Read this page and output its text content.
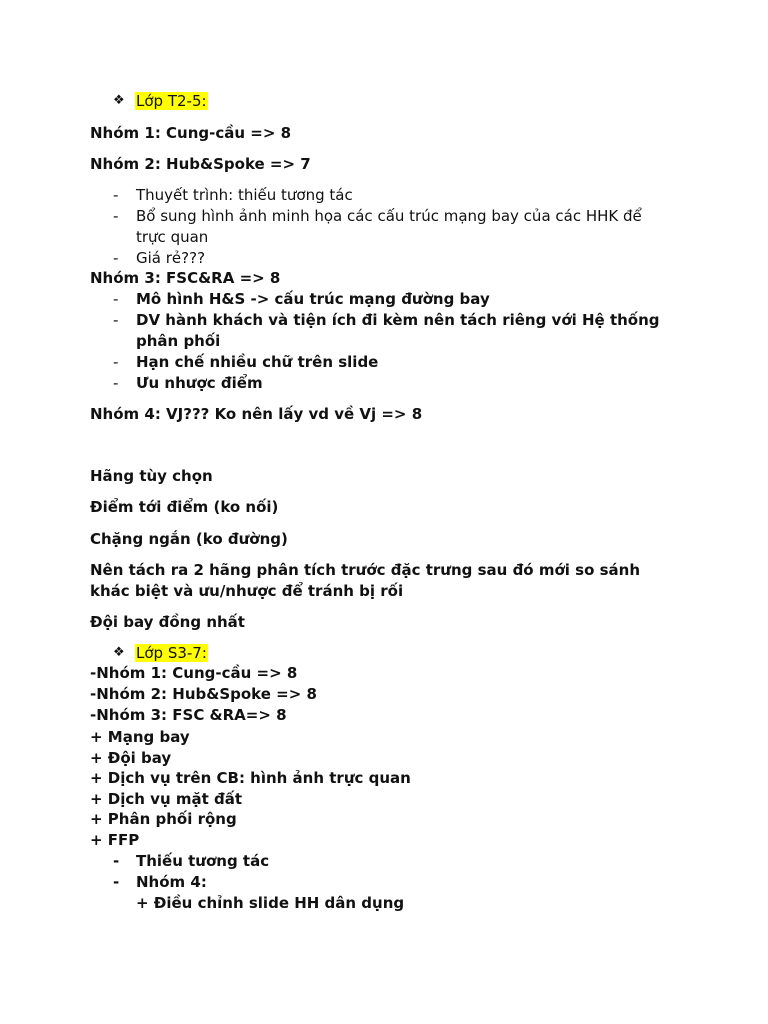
❖ Lớp T2-5:
Nhóm 1: Cung-cầu => 8
Nhóm 2: Hub&Spoke => 7
- Thuyết trình: thiếu tương tác
- Bổ sung hình ảnh minh họa các cấu trúc mạng bay của các HHK để
trực quan
- Giá rẻ???
Nhóm 3: FSC&RA => 8
- Mô hình H&S -> cấu trúc mạng đường bay
- DV hành khách và tiện ích đi kèm nên tách riêng với Hệ thống
phân phối
- Hạn chế nhiều chữ trên slide
- Ưu nhược điểm
Nhóm 4: VJ??? Ko nên lấy vd về Vj => 8
Hãng tùy chọn
Điểm tới điểm (ko nối)
Chặng ngắn (ko đường)
Nên tách ra 2 hãng phân tích trước đặc trưng sau đó mới so sánh
khác biệt và ưu/nhược để tránh bị rối
Đội bay đồng nhất
❖ Lớp S3-7:
-Nhóm 1: Cung-cầu => 8
-Nhóm 2: Hub&Spoke => 8
-Nhóm 3: FSC &RA=> 8
+ Mạng bay
+ Đội bay
+ Dịch vụ trên CB: hình ảnh trực quan
+ Dịch vụ mặt đất
+ Phân phối rộng
+ FFP
- Thiếu tương tác
- Nhóm 4:
+ Điều chỉnh slide HH dân dụng
